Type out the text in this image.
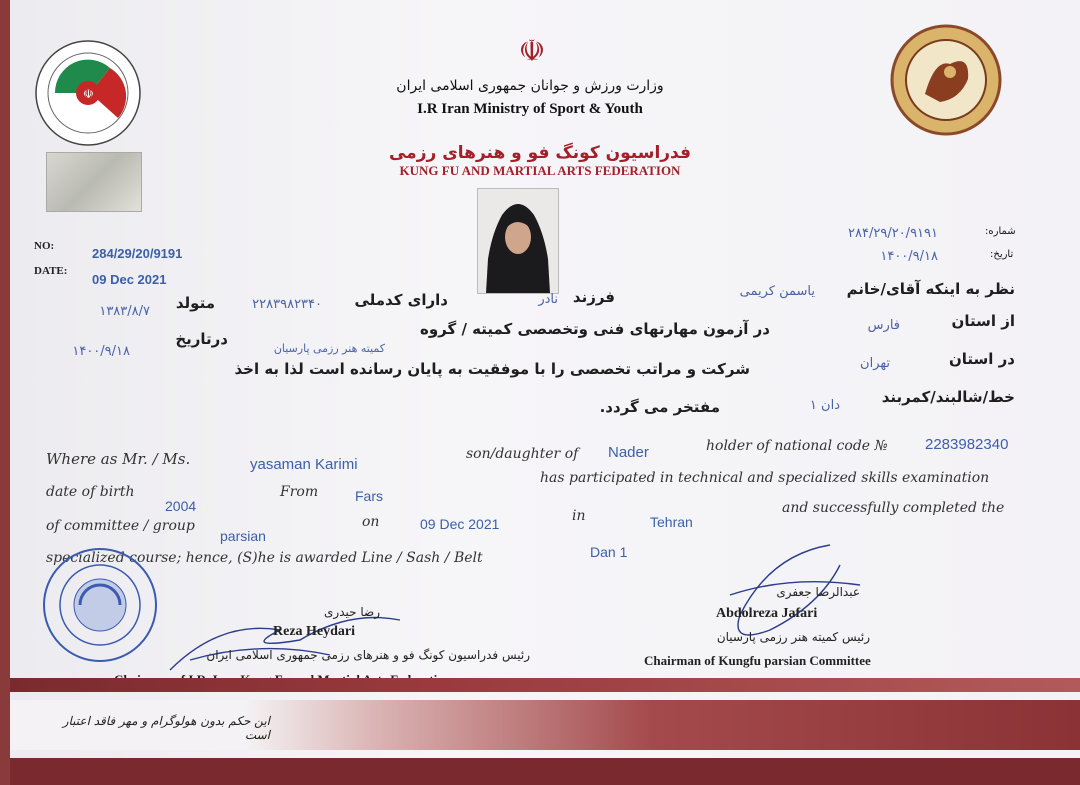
☫
☫
وزارت ورزش و جوانان جمهوری اسلامی ایران
I.R Iran Ministry of Sport & Youth
فدراسیون کونگ فو و هنرهای رزمی
KUNG FU AND MARTIAL ARTS FEDERATION
NO:	284/29/20/9191
DATE:
09 Dec 2021
شماره:
۲۸۴/۲۹/۲۰/۹۱۹۱
تاریخ:
۱۴۰۰/۹/۱۸
نظر به اینکه آقای/خانم
یاسمن کریمی
فرزند
نادر
دارای کدملی
۲۲۸۳۹۸۲۳۴۰
متولد
۱۳۸۳/۸/۷
از استان
فارس
در آزمون مهارتهای فنی وتخصصی کمیته / گروه
کمیته هنر رزمی پارسیان
درتاریخ
۱۴۰۰/۹/۱۸	در استان
تهران
شرکت و مراتب تخصصی را با موفقیت به پایان رسانده است لذا به اخذ
خط/شالبند/کمربند
دان ۱
مفتخر می گردد.
Where as Mr. / Ms.	yasaman Karimi
son/daughter of Nader	holder of national code № 2283982340
date of birth
2004
From	Fars
has participated in technical and specialized skills examination
of committee / group
parsian
on	09 Dec 2021	in	Tehran
and successfully completed the
specialized course; hence, (S)he is awarded Line / Sash / Belt	Dan 1
رضا حیدری
Reza Heydari
رئیس فدراسیون کونگ فو و هنرهای رزمی جمهوری اسلامی ایران
عبدالرضا جعفری
Abdolreza Jafari
رئیس کمیته هنر رزمی پارسیان
Chairman of Kungfu parsian Committee
این حکم بدون هولوگرام و مهر فاقد اعتبار است
